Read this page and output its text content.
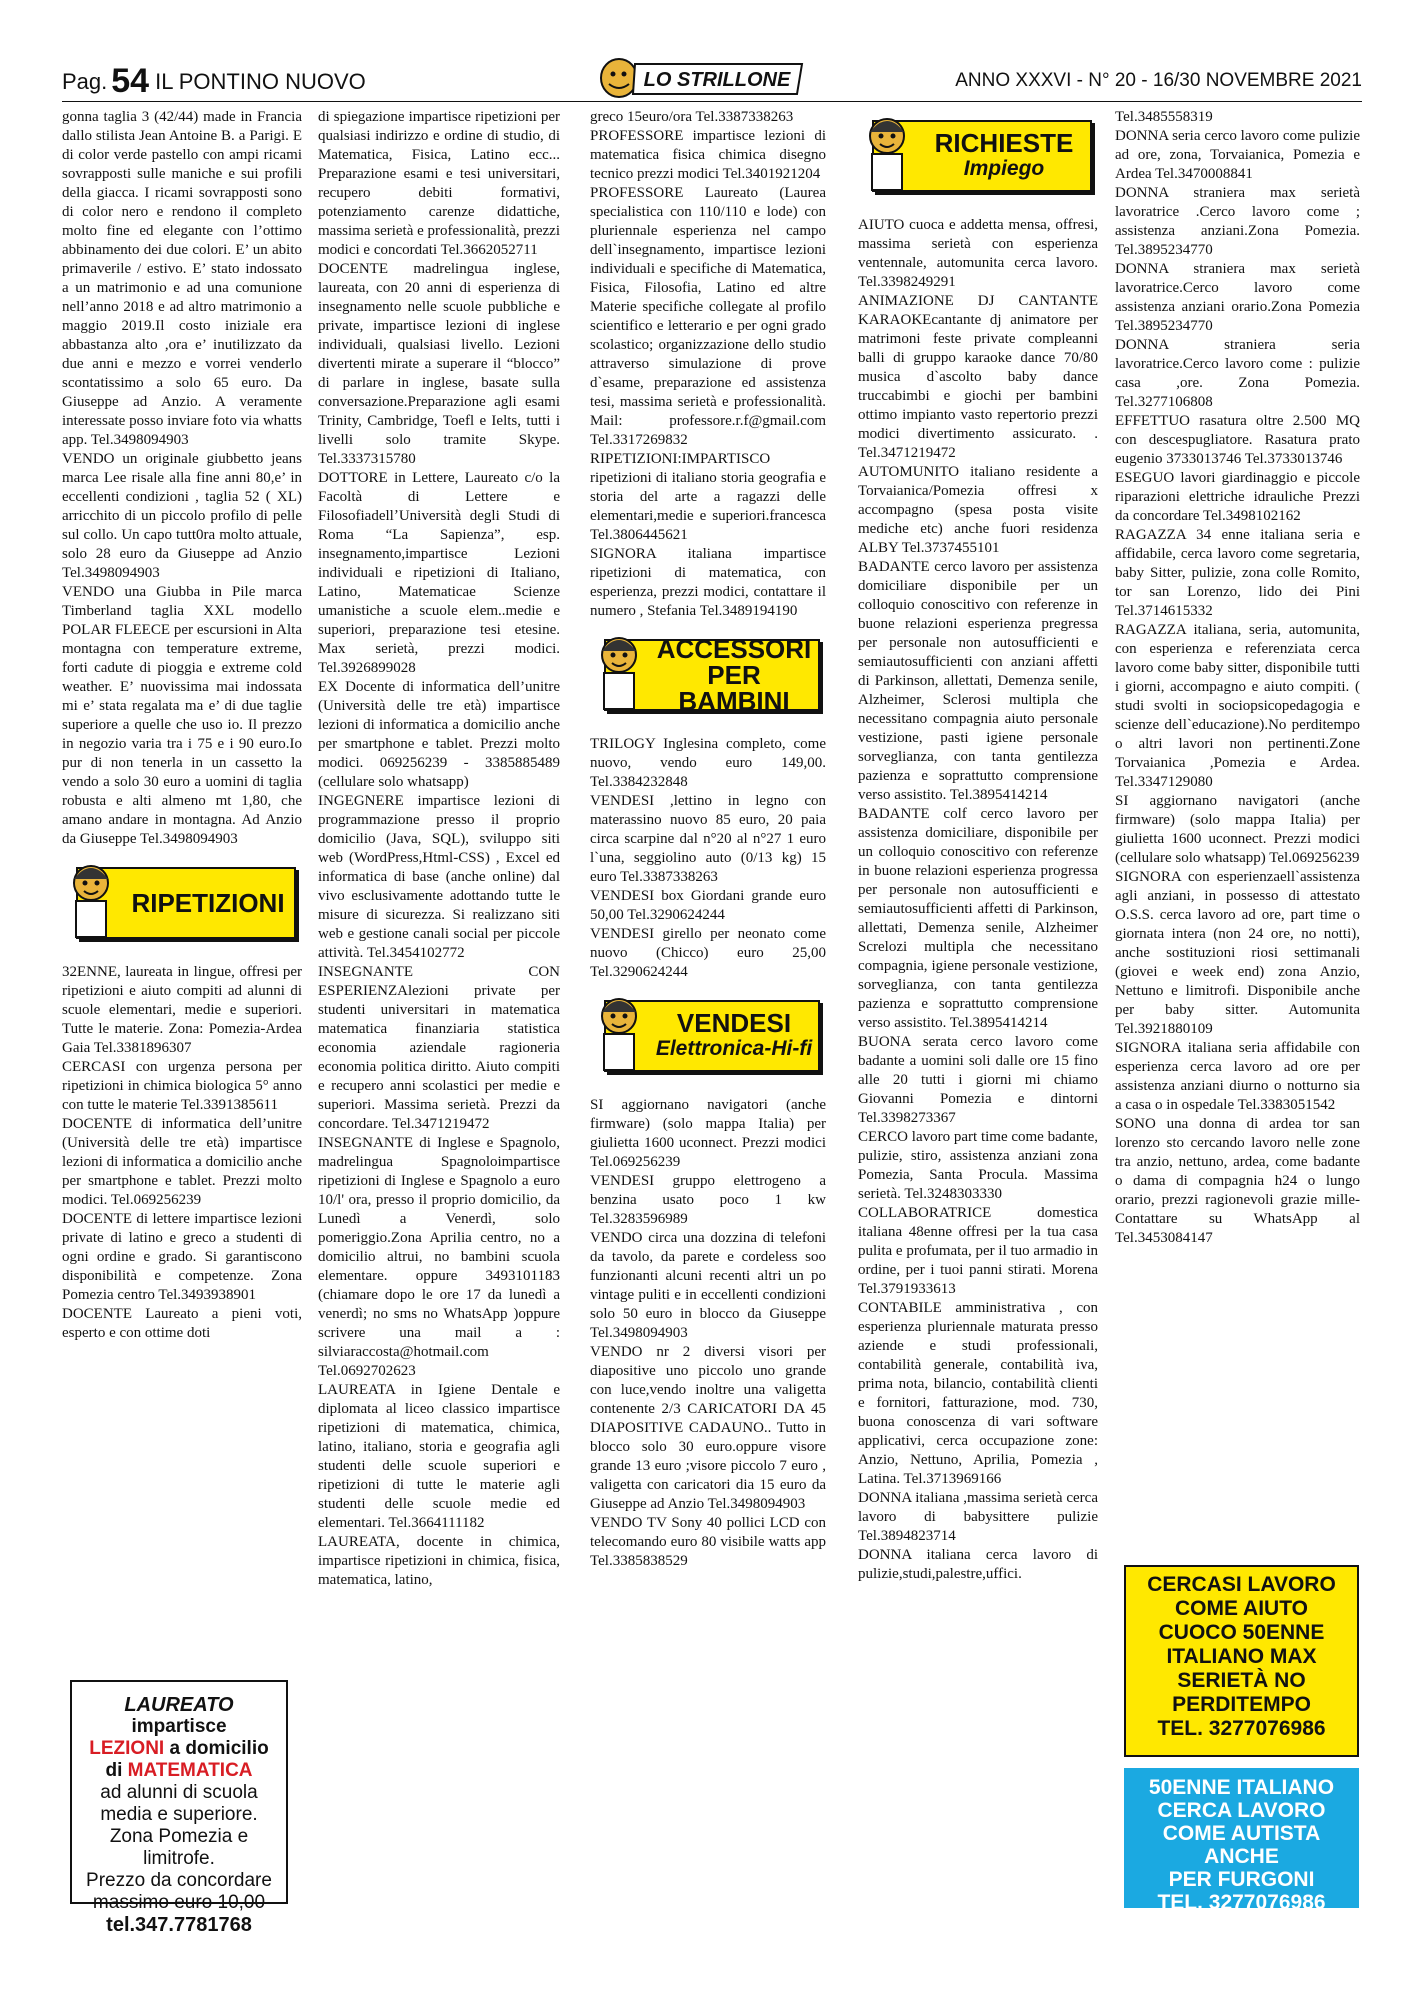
Pag. 54 IL PONTINO NUOVO	LO STRILLONE	ANNO XXXVI - N° 20 - 16/30 NOVEMBRE 2021

gonna taglia 3 (42/44) made in Francia dallo stilista Jean Antoine B. a Parigi. E di color verde pastello con ampi ricami sovrapposti sulle maniche e sui profili della giacca. I ricami sovrapposti sono di color nero e rendono il completo molto fine ed elegante con l’ottimo abbinamento dei due colori. E’ un abito primaverile / estivo. E’ stato indossato a un matrimonio e ad una comunione nell’anno 2018 e ad altro matrimonio a maggio 2019.Il costo iniziale era abbastanza alto ,ora e’ inutilizzato da due anni e mezzo e vorrei venderlo scontatissimo a solo 65 euro. Da Giuseppe ad Anzio. A veramente interessate posso inviare foto via whatts app. Tel.3498094903

VENDO un originale giubbetto jeans marca Lee risale alla fine anni 80,e’ in eccellenti condizioni , taglia 52 ( XL) arricchito di un piccolo profilo di pelle sul collo. Un capo tutt0ra molto attuale, solo 28 euro da Giuseppe ad Anzio Tel.3498094903

VENDO una Giubba in Pile marca Timberland taglia XXL modello POLAR FLEECE per escursioni in Alta montagna con temperature extreme, forti cadute di pioggia e extreme cold weather. E’ nuovissima mai indossata mi e’ stata regalata ma e’ di due taglie superiore a quelle che uso io. Il prezzo in negozio varia tra i 75 e i 90 euro.Io pur di non tenerla in un cassetto la vendo a solo 30 euro a uomini di taglia robusta e alti almeno mt 1,80, che amano andare in montagna. Ad Anzio da Giuseppe Tel.3498094903

RIPETIZIONI

32ENNE, laureata in lingue, offresi per ripetizioni e aiuto compiti ad alunni di scuole elementari, medie e superiori. Tutte le materie. Zona: Pomezia-Ardea Gaia Tel.3381896307

CERCASI con urgenza persona per ripetizioni in chimica biologica 5° anno con tutte le materie Tel.3391385611

DOCENTE di informatica dell’unitre (Università delle tre età) impartisce lezioni di informatica a domicilio anche per smartphone e tablet. Prezzi molto modici. Tel.069256239

DOCENTE di lettere impartisce lezioni private di latino e greco a studenti di ogni ordine e grado. Si garantiscono disponibilità e competenze. Zona Pomezia centro Tel.3493938901

DOCENTE Laureato a pieni voti, esperto e con ottime doti

LAUREATO
impartisce
LEZIONI a domicilio
di MATEMATICA
ad alunni di scuola
media e superiore.
Zona Pomezia e limitrofe.
Prezzo da concordare
massimo euro 10,00
tel.347.7781768

di spiegazione impartisce ripetizioni per qualsiasi indirizzo e ordine di studio, di Matematica, Fisica, Latino ecc... Preparazione esami e tesi universitari, recupero debiti formativi, potenziamento carenze didattiche, massima serietà e professionalità, prezzi modici e concordati Tel.3662052711

DOCENTE madrelingua inglese, laureata, con 20 anni di esperienza di insegnamento nelle scuole pubbliche e private, impartisce lezioni di inglese individuali, qualsiasi livello. Lezioni divertenti mirate a superare il “blocco” di parlare in inglese, basate sulla conversazione.Preparazione agli esami Trinity, Cambridge, Toefl e Ielts, tutti i livelli solo tramite Skype. Tel.3337315780

DOTTORE in Lettere, Laureato c/o la Facoltà di Lettere e FilosofiadellʼUniversità degli Studi di Roma “La Sapienza”, esp. insegnamento,impartisce Lezioni individuali e ripetizioni di Italiano, Latino, Matematicae Scienze umanistiche a scuole elem..medie e superiori, preparazione tesi etesine. Max serietà, prezzi modici. Tel.3926899028

EX Docente di informatica dell’unitre (Università delle tre età) impartisce lezioni di informatica a domicilio anche per smartphone e tablet. Prezzi molto modici. 069256239 - 3385885489 (cellulare solo whatsapp)

INGEGNERE impartisce lezioni di programmazione presso il proprio domicilio (Java, SQL), sviluppo siti web (WordPress,Html-CSS) , Excel ed informatica di base (anche online) dal vivo esclusivamente adottando tutte le misure di sicurezza. Si realizzano siti web e gestione canali social per piccole attività. Tel.3454102772

INSEGNANTE CON ESPERIENZAlezioni private per studenti universitari in matematica matematica finanziaria statistica economia aziendale ragioneria economia politica diritto. Aiuto compiti e recupero anni scolastici per medie e superiori. Massima serietà. Prezzi da concordare. Tel.3471219472

INSEGNANTE di Inglese e Spagnolo, madrelingua Spagnoloimpartisce ripetizioni di Inglese e Spagnolo a euro 10/l' ora, presso il proprio domicilio, da Lunedì a Venerdì, solo pomeriggio.Zona Aprilia centro, no a domicilio altrui, no bambini scuola elementare. oppure 3493101183 (chiamare dopo le ore 17 da lunedì a venerdì; no sms no WhatsApp )oppure scrivere una mail a : silviaraccosta@hotmail.com Tel.0692702623

LAUREATA in Igiene Dentale e diplomata al liceo classico impartisce ripetizioni di matematica, chimica, latino, italiano, storia e geografia agli studenti delle scuole superiori e ripetizioni di tutte le materie agli studenti delle scuole medie ed elementari. Tel.3664111182

LAUREATA, docente in chimica, impartisce ripetizioni in chimica, fisica, matematica, latino,

greco 15euro/ora Tel.3387338263

PROFESSORE impartisce lezioni di matematica fisica chimica disegno tecnico prezzi modici Tel.3401921204

PROFESSORE Laureato (Laurea specialistica con 110/110 e lode) con pluriennale esperienza nel campo dell`insegnamento, impartisce lezioni individuali e specifiche di Matematica, Fisica, Filosofia, Latino ed altre Materie specifiche collegate al profilo scientifico e letterario e per ogni grado scolastico; organizzazione dello studio attraverso simulazione di prove d`esame, preparazione ed assistenza tesi, massima serietà e professionalità. Mail: professore.r.f@gmail.com Tel.3317269832

RIPETIZIONI:IMPARTISCO ripetizioni di italiano storia geografia e storia del arte a ragazzi delle elementari,medie e superiori.francesca Tel.3806445621

SIGNORA italiana impartisce ripetizioni di matematica, con esperienza, prezzi modici, contattare il numero , Stefania Tel.3489194190

ACCESSORI
PER BAMBINI

TRILOGY Inglesina completo, come nuovo, vendo euro 149,00. Tel.3384232848

VENDESI ,lettino in legno con materassino nuovo 85 euro, 20 paia circa scarpine dal n°20 al n°27 1 euro l`una, seggiolino auto (0/13 kg) 15 euro Tel.3387338263

VENDESI box Giordani grande euro 50,00 Tel.3290624244

VENDESI girello per neonato come nuovo (Chicco) euro 25,00 Tel.3290624244

VENDESI
Elettronica-Hi-fi

SI aggiornano navigatori (anche firmware) (solo mappa Italia) per giulietta 1600 uconnect. Prezzi modici Tel.069256239

VENDESI gruppo elettrogeno a benzina usato poco 1 kw Tel.3283596989

VENDO circa una dozzina di telefoni da tavolo, da parete e cordeless soo funzionanti alcuni recenti altri un po vintage puliti e in eccellenti condizioni solo 50 euro in blocco da Giuseppe Tel.3498094903

VENDO nr 2 diversi visori per diapositive uno piccolo uno grande con luce,vendo inoltre una valigetta contenente 2/3 CARICATORI DA 45 DIAPOSITIVE CADAUNO.. Tutto in blocco solo 30 euro.oppure visore grande 13 euro ;visore piccolo 7 euro , valigetta con caricatori dia 15 euro da Giuseppe ad Anzio Tel.3498094903

VENDO TV Sony 40 pollici LCD con telecomando euro 80 visibile watts app Tel.3385838529

RICHIESTE
Impiego

AIUTO cuoca e addetta mensa, offresi, massima serietà con esperienza ventennale, automunita cerca lavoro. Tel.3398249291

ANIMAZIONE DJ CANTANTE KARAOKEcantante dj animatore per matrimoni feste private compleanni balli di gruppo karaoke dance 70/80 musica d`ascolto baby dance truccabimbi e giochi per bambini ottimo impianto vasto repertorio prezzi modici divertimento assicurato. . Tel.3471219472

AUTOMUNITO italiano residente a Torvaianica/Pomezia offresi x accompagno (spesa posta visite mediche etc) anche fuori residenza ALBY Tel.3737455101

BADANTE cerco lavoro per assistenza domiciliare disponibile per un colloquio conoscitivo con referenze in buone relazioni esperienza pregressa per personale non autosufficienti e semiautosufficienti con anziani affetti di Parkinson, allettati, Demenza senile, Alzheimer, Sclerosi multipla che necessitano compagnia aiuto personale vestizione, pasti igiene personale sorveglianza, con tanta gentilezza pazienza e soprattutto comprensione verso assistito. Tel.3895414214

BADANTE colf cerco lavoro per assistenza domiciliare, disponibile per un colloquio conoscitivo con referenze in buone relazioni esperienza progressa per personale non autosufficienti e semiautosufficienti affetti di Parkinson, allettati, Demenza senile, Alzheimer Screlozi multipla che necessitano compagnia, igiene personale vestizione, sorveglianza, con tanta gentilezza pazienza e soprattutto comprensione verso assistito. Tel.3895414214

BUONA serata cerco lavoro come badante a uomini soli dalle ore 15 fino alle 20 tutti i giorni mi chiamo Giovanni Pomezia e dintorni Tel.3398273367

CERCO lavoro part time come badante, pulizie, stiro, assistenza anziani zona Pomezia, Santa Procula. Massima serietà. Tel.3248303330

COLLABORATRICE domestica italiana 48enne offresi per la tua casa pulita e profumata, per il tuo armadio in ordine, per i tuoi panni stirati. Morena Tel.3791933613

CONTABILE amministrativa , con esperienza pluriennale maturata presso aziende e studi professionali, contabilità generale, contabilità iva, prima nota, bilancio, contabilità clienti e fornitori, fatturazione, mod. 730, buona conoscenza di vari software applicativi, cerca occupazione zone: Anzio, Nettuno, Aprilia, Pomezia , Latina. Tel.3713969166

DONNA italiana ,massima serietà cerca lavoro di babysittere pulizie Tel.3894823714

DONNA italiana cerca lavoro di pulizie,studi,palestre,uffici.

Tel.3485558319

DONNA seria cerco lavoro come pulizie ad ore, zona, Torvaianica, Pomezia e Ardea Tel.3470008841

DONNA straniera max serietà lavoratrice .Cerco lavoro come ; assistenza anziani.Zona Pomezia. Tel.3895234770

DONNA straniera max serietà lavoratrice.Cerco lavoro come assistenza anziani orario.Zona Pomezia Tel.3895234770

DONNA straniera seria lavoratrice.Cerco lavoro come : pulizie casa ,ore. Zona Pomezia. Tel.3277106808

EFFETTUO rasatura oltre 2.500 MQ con descespugliatore. Rasatura prato eugenio 3733013746 Tel.3733013746

ESEGUO lavori giardinaggio e piccole riparazioni elettriche idrauliche Prezzi da concordare Tel.3498102162

RAGAZZA 34 enne italiana seria e affidabile, cerca lavoro come segretaria, baby Sitter, pulizie, zona colle Romito, tor san Lorenzo, lido dei Pini Tel.3714615332

RAGAZZA italiana, seria, automunita, con esperienza e referenziata cerca lavoro come baby sitter, disponibile tutti i giorni, accompagno e aiuto compiti. ( studi svolti in sociopsicopedagogia e scienze dell`educazione).No perditempo o altri lavori non pertinenti.Zone Torvaianica ,Pomezia e Ardea. Tel.3347129080

SI aggiornano navigatori (anche firmware) (solo mappa Italia) per giulietta 1600 uconnect. Prezzi modici (cellulare solo whatsapp) Tel.069256239

SIGNORA con esperienzaell`assistenza agli anziani, in possesso di attestato O.S.S. cerca lavoro ad ore, part time o giornata intera (non 24 ore, no notti), anche sostituzioni riosi settimanali (giovei e week end) zona Anzio, Nettuno e limitrofi. Disponibile anche per baby sitter. Automunita Tel.3921880109

SIGNORA italiana seria affidabile con esperienza cerca lavoro ad ore per assistenza anziani diurno o notturno sia a casa o in ospedale Tel.3383051542

SONO una donna di ardea tor san lorenzo sto cercando lavoro nelle zone tra anzio, nettuno, ardea, come badante o dama di compagnia h24 o lungo orario, prezzi ragionevoli grazie mille-Contattare su WhatsApp al Tel.3453084147

CERCASI LAVORO
COME AIUTO
CUOCO 50ENNE
ITALIANO MAX
SERIETÀ NO
PERDITEMPO
TEL. 3277076986
50ENNE ITALIANO
CERCA LAVORO
COME AUTISTA
ANCHE
PER FURGONI
TEL. 3277076986
